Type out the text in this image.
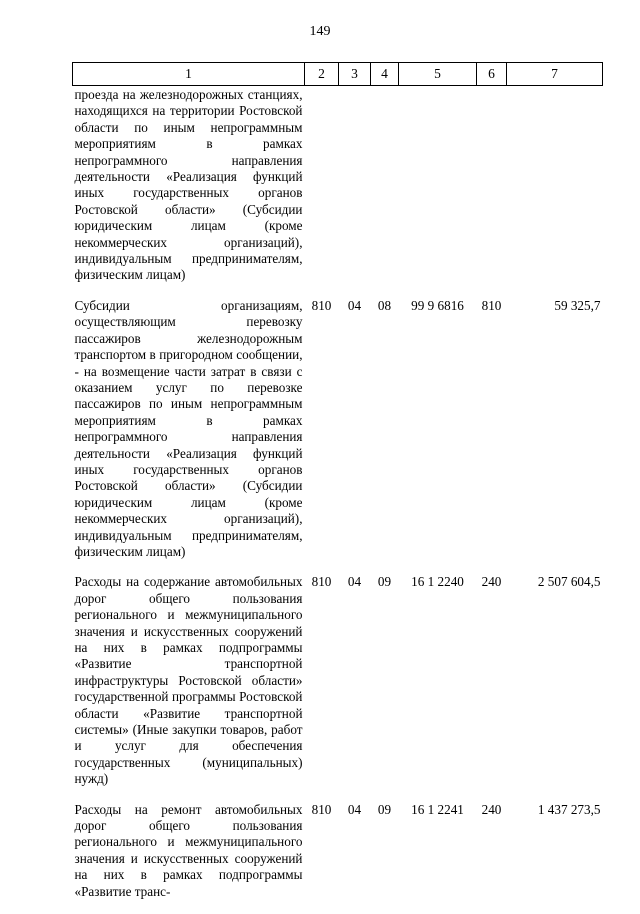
149
1	2	3	4	5	6	7
проезда на железнодорожных станциях, находящихся на территории Ростовской области по иным непрограммным мероприятиям в рамках непрограммного направления деятельности «Реализация функций иных государственных органов Ростовской области» (Субсидии юридическим лицам (кроме некоммерческих организаций), индивидуальным предпринимателям, физическим лицам)						
Субсидии организациям, осуществляющим перевозку пассажиров железнодорожным транспортом в пригородном сообщении, - на возмещение части затрат в связи с оказанием услуг по перевозке пассажиров по иным непрограммным мероприятиям в рамках непрограммного направления деятельности «Реализация функций иных государственных органов Ростовской области» (Субсидии юридическим лицам (кроме некоммерческих организаций), индивидуальным предпринимателям, физическим лицам)	810	04	08	99 9 6816	810	59 325,7
Расходы на содержание автомобильных дорог общего пользования регионального и межмуниципального значения и искусственных сооружений на них в рамках подпрограммы «Развитие транспортной инфраструктуры Ростовской области» государственной программы Ростовской области «Развитие транспортной системы» (Иные закупки товаров, работ и услуг для обеспечения государственных (муниципальных) нужд)	810	04	09	16 1 2240	240	2 507 604,5
Расходы на ремонт автомобильных дорог общего пользования регионального и межмуниципального значения и искусственных сооружений на них в рамках подпрограммы «Развитие транс-	810	04	09	16 1 2241	240	1 437 273,5
